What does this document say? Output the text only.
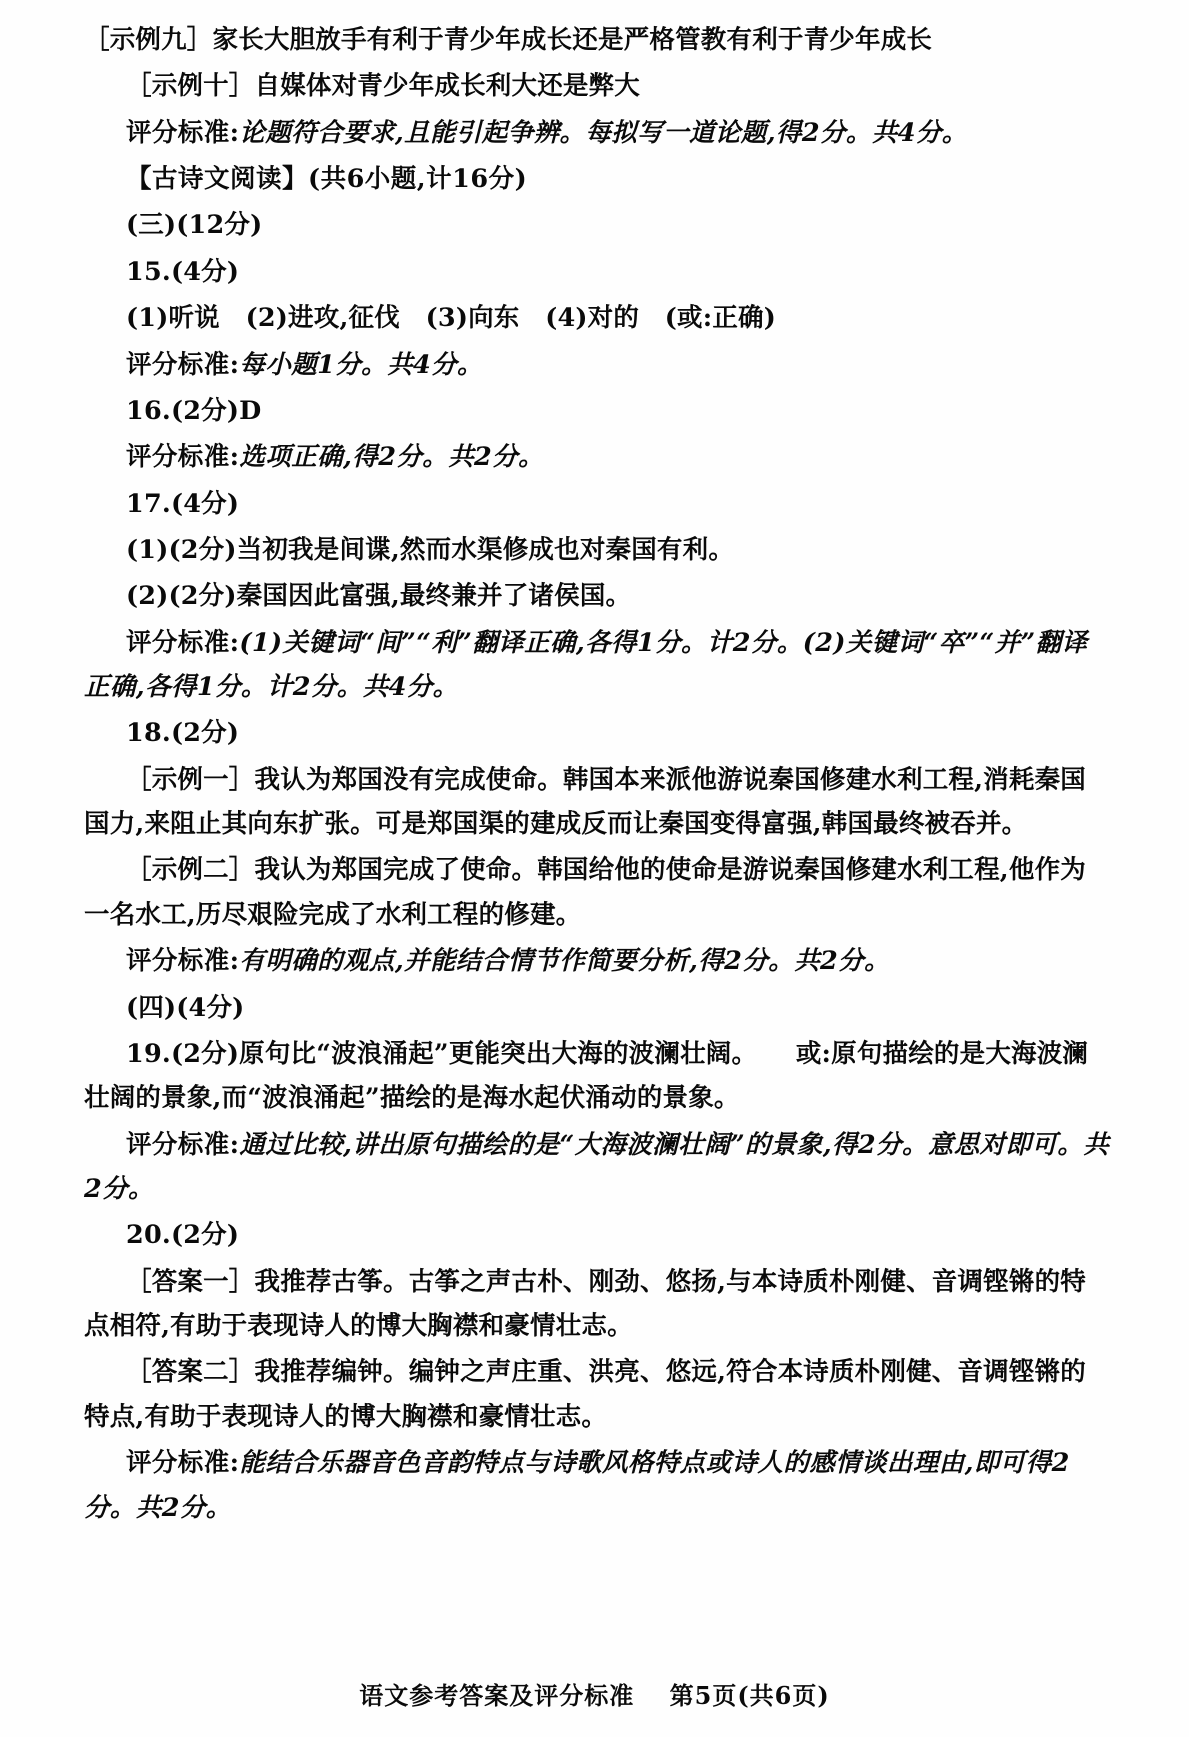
［示例九］家长大胆放手有利于青少年成长还是严格管教有利于青少年成长

［示例十］自媒体对青少年成长利大还是弊大

评分标准:论题符合要求,且能引起争辨。每拟写一道论题,得2分。共4分。

【古诗文阅读】(共6小题,计16分)

(三)(12分)

15.(4分)

(1)听说　(2)进攻,征伐　(3)向东　(4)对的　(或:正确)

评分标准:每小题1分。共4分。

16.(2分)D

评分标准:选项正确,得2分。共2分。

17.(4分)

(1)(2分)当初我是间谍,然而水渠修成也对秦国有利。

(2)(2分)秦国因此富强,最终兼并了诸侯国。

评分标准:(1)关键词“间”“利”翻译正确,各得1分。计2分。(2)关键词“卒”“并”翻译正确,各得1分。计2分。共4分。

18.(2分)

［示例一］我认为郑国没有完成使命。韩国本来派他游说秦国修建水利工程,消耗秦国国力,来阻止其向东扩张。可是郑国渠的建成反而让秦国变得富强,韩国最终被吞并。

［示例二］我认为郑国完成了使命。韩国给他的使命是游说秦国修建水利工程,他作为一名水工,历尽艰险完成了水利工程的修建。

评分标准:有明确的观点,并能结合情节作简要分析,得2分。共2分。

(四)(4分)

19.(2分)原句比“波浪涌起”更能突出大海的波澜壮阔。　　或:原句描绘的是大海波澜壮阔的景象,而“波浪涌起”描绘的是海水起伏涌动的景象。

评分标准:通过比较,讲出原句描绘的是“大海波澜壮阔”的景象,得2分。意思对即可。共2分。

20.(2分)

［答案一］我推荐古筝。古筝之声古朴、刚劲、悠扬,与本诗质朴刚健、音调铿锵的特点相符,有助于表现诗人的博大胸襟和豪情壮志。

［答案二］我推荐编钟。编钟之声庄重、洪亮、悠远,符合本诗质朴刚健、音调铿锵的特点,有助于表现诗人的博大胸襟和豪情壮志。

评分标准:能结合乐器音色音韵特点与诗歌风格特点或诗人的感情谈出理由,即可得2分。共2分。

语文参考答案及评分标准 第5页(共6页)
